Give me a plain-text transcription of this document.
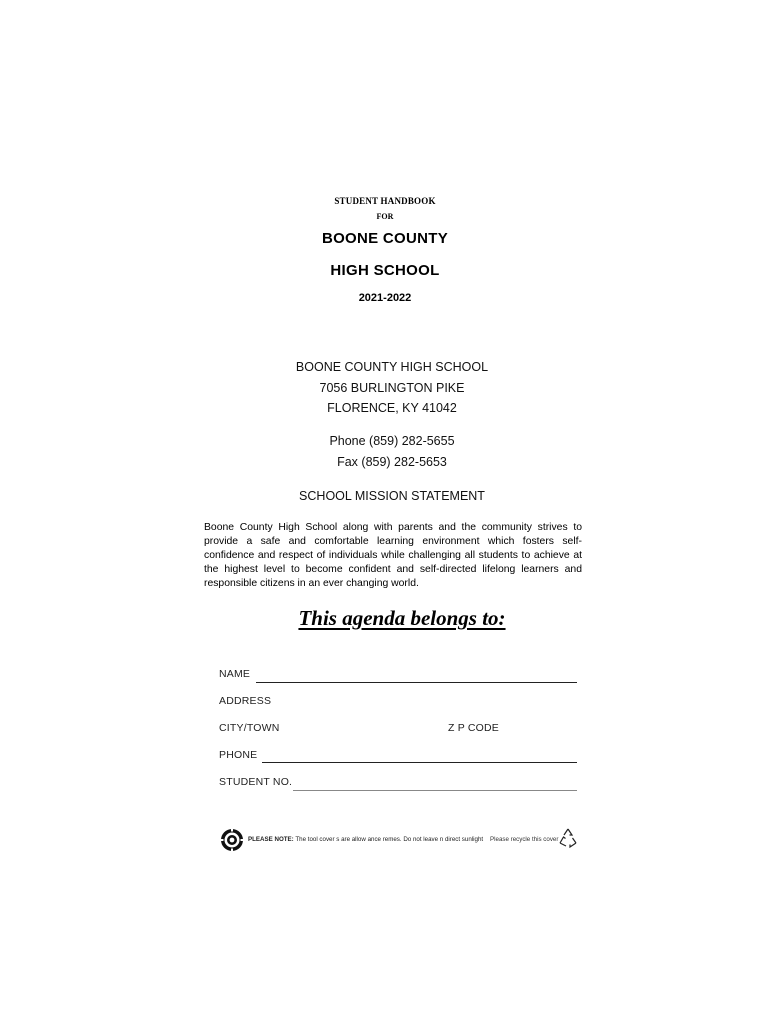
STUDENT HANDBOOK
FOR
BOONE COUNTY
HIGH SCHOOL
2021-2022
BOONE COUNTY HIGH SCHOOL
7056 BURLINGTON PIKE
FLORENCE, KY 41042
Phone (859) 282-5655
Fax (859) 282-5653
SCHOOL MISSION STATEMENT
Boone County High School along with parents and the community strives to provide a safe and comfortable learning environment which fosters self-confidence and respect of individuals while challenging all students to achieve at the highest level to become confident and self-directed lifelong learners and responsible citizens in an ever changing world.
This agenda belongs to:
NAME
ADDRESS
CITY/TOWN	Z P CODE
PHONE
STUDENT NO.
PLEASE NOTE: The tool cover s are allow ance remes. Do not leave n direct sunlight Please recycle this cover
